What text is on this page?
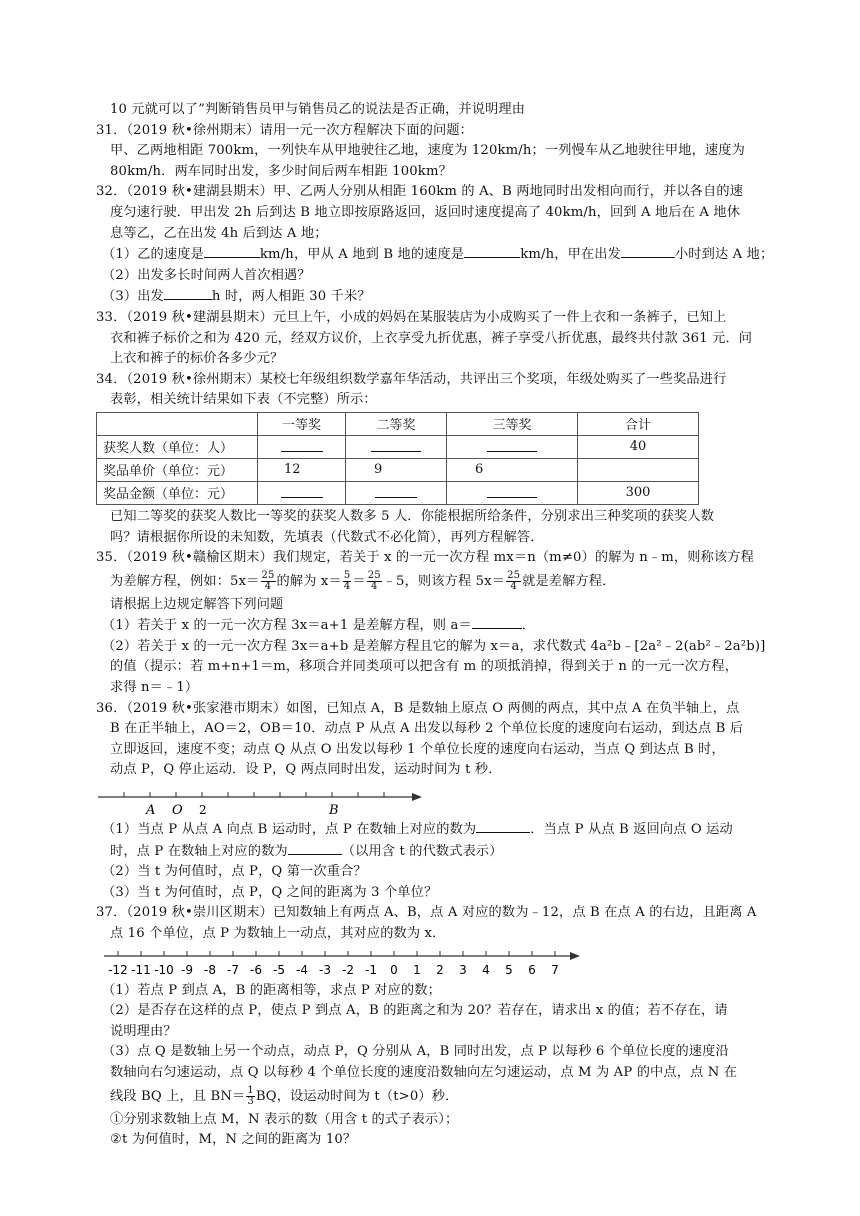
10 元就可以了”判断销售员甲与销售员乙的说法是否正确，并说明理由
31．（2019 秋•徐州期末）请用一元一次方程解决下面的问题：
甲、乙两地相距 700km，一列快车从甲地驶往乙地，速度为 120km/h；一列慢车从乙地驶往甲地，速度为
80km/h．两车同时出发，多少时间后两车相距 100km？
32．（2019 秋•建湖县期末）甲、乙两人分别从相距 160km 的 A、B 两地同时出发相向而行，并以各自的速
度匀速行驶．甲出发 2h 后到达 B 地立即按原路返回，返回时速度提高了 40km/h，回到 A 地后在 A 地休
息等乙，乙在出发 4h 后到达 A 地；
（1）乙的速度是	km/h，甲从 A 地到 B 地的速度是	km/h，甲在出发	小时到达 A 地；
（2）出发多长时间两人首次相遇？
（3）出发	h 时，两人相距 30 千米？
33．（2019 秋•建湖县期末）元旦上午，小成的妈妈在某服装店为小成购买了一件上衣和一条裤子，已知上
衣和裤子标价之和为 420 元，经双方议价，上衣享受九折优惠，裤子享受八折优惠，最终共付款 361 元．问
上衣和裤子的标价各多少元？
34．（2019 秋•徐州期末）某校七年级组织数学嘉年华活动，共评出三个奖项，年级处购买了一些奖品进行
表彰，相关统计结果如下表（不完整）所示：
	一等奖	二等奖	三等奖	合计
获奖人数（单位：人）				40
奖品单价（单位：元）	12	9	6	
奖品金额（单位：元）				300
已知二等奖的获奖人数比一等奖的获奖人数多 5 人．你能根据所给条件，分别求出三种奖项的获奖人数
吗？请根据你所设的未知数，先填表（代数式不必化简），再列方程解答．
35．（2019 秋•赣榆区期末）我们规定，若关于 x 的一元一次方程 mx＝n（m≠0）的解为 n﹣m，则称该方程
为差解方程，例如：$5x= \frac{25}{4}$ 的解为 $x= \frac{5}{4} = \frac{25}{4}$ ﹣5，则该方程 $5x= \frac{25}{4}$ 就是差解方程．
请根据上边规定解答下列问题
（1）若关于 x 的一元一次方程 3x＝a+1 是差解方程，则 a＝	．
（2）若关于 x 的一元一次方程 3x＝a+b 是差解方程且它的解为 x＝a，求代数式 4a²b﹣[2a²﹣2(ab²﹣2a²b)]
的值（提示：若 m+n+1＝m，移项合并同类项可以把含有 m 的项抵消掉，得到关于 n 的一元一次方程，
求得 n＝﹣1）
36．（2019 秋•张家港市期末）如图，已知点 A，B 是数轴上原点 O 两侧的两点，其中点 A 在负半轴上，点
B 在正半轴上，AO＝2，OB＝10．动点 P 从点 A 出发以每秒 2 个单位长度的速度向右运动，到达点 B 后
立即返回，速度不变；动点 Q 从点 O 出发以每秒 1 个单位长度的速度向右运动，当点 Q 到达点 B 时，
动点 P，Q 停止运动．设 P，Q 两点同时出发，运动时间为 t 秒．
A O 2	B
（1）当点 P 从点 A 向点 B 运动时，点 P 在数轴上对应的数为	．当点 P 从点 B 返回向点 O 运动
时，点 P 在数轴上对应的数为	（以用含 t 的代数式表示）
（2）当 t 为何值时，点 P，Q 第一次重合？
（3）当 t 为何值时，点 P，Q 之间的距离为 3 个单位？
37．（2019 秋•崇川区期末）已知数轴上有两点 A、B，点 A 对应的数为﹣12，点 B 在点 A 的右边，且距离 A
点 16 个单位，点 P 为数轴上一动点，其对应的数为 x．
-12 -11 -10 -9 -8 -7 -6 -5 -4 -3 -2 -1 0 1 2 3 4 5 6 7
（1）若点 P 到点 A，B 的距离相等，求点 P 对应的数；
（2）是否存在这样的点 P，使点 P 到点 A，B 的距离之和为 20？若存在，请求出 x 的值；若不存在，请
说明理由？
（3）点 Q 是数轴上另一个动点，动点 P，Q 分别从 A，B 同时出发，点 P 以每秒 6 个单位长度的速度沿
数轴向右匀速运动，点 Q 以每秒 4 个单位长度的速度沿数轴向左匀速运动，点 M 为 AP 的中点，点 N 在
线段 BQ 上，且 $BN= \frac{1}{3}$ BQ，设运动时间为 t（t>0）秒．
①分别求数轴上点 M，N 表示的数（用含 t 的式子表示）；
②t 为何值时，M，N 之间的距离为 10？
